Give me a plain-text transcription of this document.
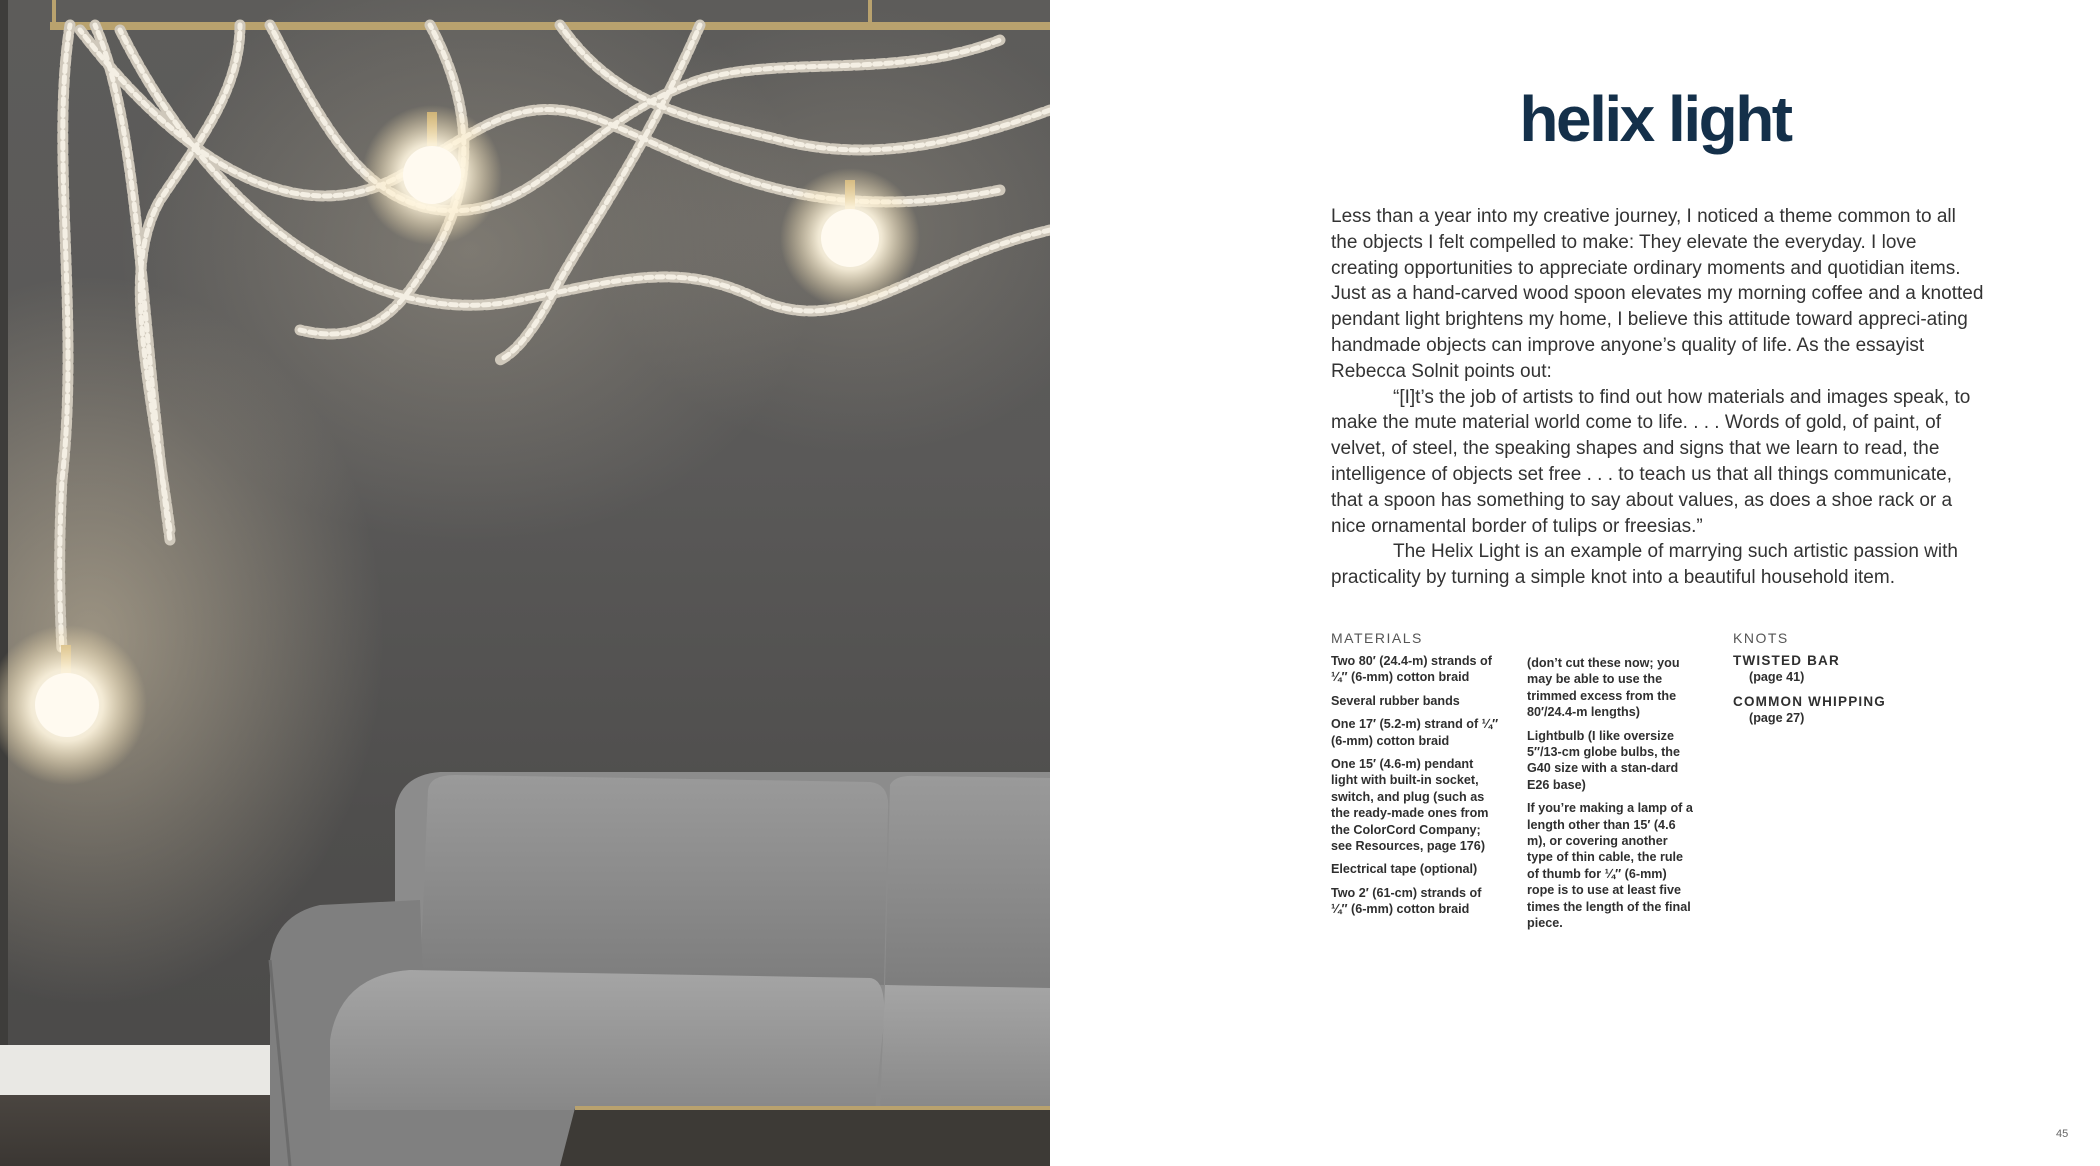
helix light

Less than a year into my creative journey, I noticed a theme common to all the objects I felt compelled to make: They elevate the everyday. I love creating opportunities to appreciate ordinary moments and quotidian items. Just as a hand-carved wood spoon elevates my morning coffee and a knotted pendant light brightens my home, I believe this attitude toward appreci-ating handmade objects can improve anyone’s quality of life. As the essayist Rebecca Solnit points out:

“[I]t’s the job of artists to find out how materials and images speak, to make the mute material world come to life. . . . Words of gold, of paint, of velvet, of steel, the speaking shapes and signs that we learn to read, the intelligence of objects set free . . . to teach us that all things communicate, that a spoon has something to say about values, as does a shoe rack or a nice ornamental border of tulips or freesias.”

The Helix Light is an example of marrying such artistic passion with practicality by turning a simple knot into a beautiful household item.

MATERIALS
Two 80′ (24.4-m) strands of ¼″ (6-mm) cotton braid
Several rubber bands
One 17′ (5.2-m) strand of ¼″ (6-mm) cotton braid
One 15′ (4.6-m) pendant light with built-in socket, switch, and plug (such as the ready-made ones from the ColorCord Company; see Resources, page 176)
Electrical tape (optional)
Two 2′ (61-cm) strands of ¼″ (6-mm) cotton braid
(don’t cut these now; you may be able to use the trimmed excess from the 80′/24.4-m lengths)
Lightbulb (I like oversize 5″/13-cm globe bulbs, the G40 size with a stan-dard E26 base)
If you’re making a lamp of a length other than 15′ (4.6 m), or covering another type of thin cable, the rule of thumb for ¼″ (6-mm) rope is to use at least five times the length of the final piece.
KNOTS
TWISTED BAR
(page 41)
COMMON WHIPPING
(page 27)
45
